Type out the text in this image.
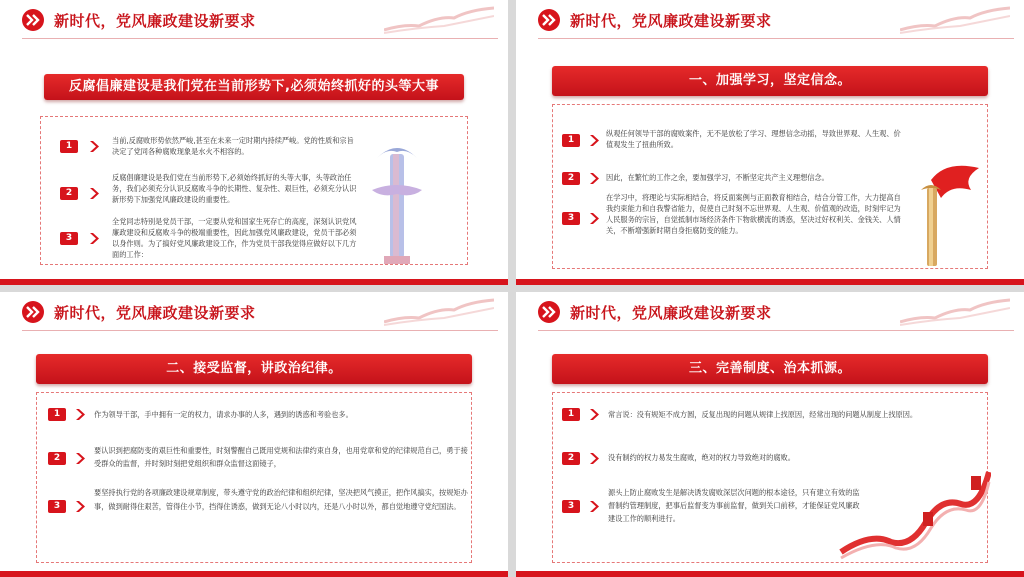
新时代，党风廉政建设新要求
反腐倡廉建设是我们党在当前形势下,必须始终抓好的头等大事
1
当前,反腐败形势依然严峻,甚至在未来一定时期内持续严峻。党的性质和宗旨决定了党同各种腐败现象是水火不相容的。
2
反腐倡廉建设是我们党在当前形势下,必须始终抓好的头等大事，头等政治任务，我们必须充分认识反腐败斗争的长期性、复杂性、艰巨性，必须充分认识新形势下加强党风廉政建设的重要性。
3
全党同志特别是党员干部，一定要从党和国家生死存亡的高度，深刻认识党风廉政建设和反腐败斗争的极端重要性，因此加强党风廉政建设，党员干部必须以身作则。为了搞好党风廉政建设工作，作为党员干部我觉得应做好以下几方面的工作：
新时代，党风廉政建设新要求
一、加强学习，坚定信念。
1
纵观任何领导干部的腐败案件，无不是放松了学习、理想信念动摇，导致世界观、人生观、价值观发生了扭曲所致。
2	因此，在繁忙的工作之余，要加强学习，不断坚定共产主义理想信念。
3
在学习中，将理论与实际相结合，将反面案例与正面教育相结合，结合分管工作，大力提高自我约束能力和自我警省能力，促使自己时刻不忘世界观、人生观、价值观的改造，时刻牢记为人民服务的宗旨，自觉抵制市场经济条件下物欲横流的诱惑，坚决过好权利关、金钱关、人情关，不断增强新时期自身拒腐防变的能力。
新时代，党风廉政建设新要求
二、接受监督，讲政治纪律。
1	作为领导干部，手中拥有一定的权力，请求办事的人多，遇到的诱惑和考验也多。
2
要认识到把腐防变的艰巨性和重要性，时刻警醒自己既用党规和法律约束自身，也用党章和党的纪律规范自己，勇于接受群众的监督，并时刻时刻把党组织和群众监督这面镜子，
3
要坚持执行党的各项廉政建设规章制度，带头遵守党的政治纪律和组织纪律，坚决把风气摸正，把作风搞实，按规矩办事，做到耐得住艰苦，管得住小节，挡得住诱惑，做到无论八小时以内，还是八小时以外，都自觉地遵守党纪国法。
新时代，党风廉政建设新要求
三、完善制度、治本抓源。
1	常言说：没有规矩不成方圆，反复出现的问题从规律上找原因，经常出现的问题从制度上找原因。
2	没有制约的权力易发生腐败，绝对的权力导致绝对的腐败。
3
源头上防止腐败发生是解决诱发腐败深层次问题的根本途径，只有建立有效的监督制约管理制度，把事后监督变为事前监督，做到关口前移，才能保证党风廉政建设工作的顺利进行。
